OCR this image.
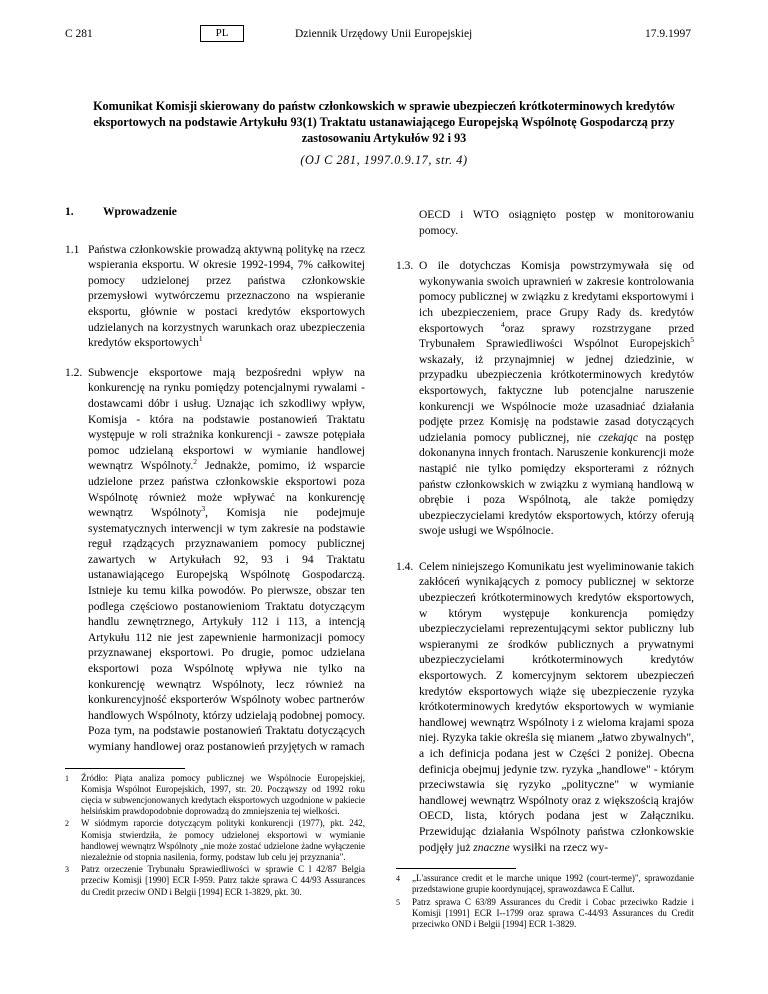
C 281	PL	Dziennik Urzędowy Unii Europejskiej	17.9.1997
Komunikat Komisji skierowany do państw członkowskich w sprawie ubezpieczeń krótkoterminowych kredytów eksportowych na podstawie Artykułu 93(1) Traktatu ustanawiającego Europejską Wspólnotę Gospodarczą przy zastosowaniu Artykułów 92 i 93
(OJ C 281, 1997.0.9.17, str. 4)
1.	Wprowadzenie
1.1 Państwa członkowskie prowadzą aktywną politykę na rzecz wspierania eksportu. W okresie 1992-1994, 7% całkowitej pomocy udzielonej przez państwa członkowskie przemysłowi wytwórczemu przeznaczono na wspieranie eksportu, głównie w postaci kredytów eksportowych udzielanych na korzystnych warunkach oraz ubezpieczenia kredytów eksportowych$^1$
1.2. Subwencje eksportowe mają bezpośredni wpływ na konkurencję na rynku pomiędzy potencjalnymi rywalami - dostawcami dóbr i usług. Uznając ich szkodliwy wpływ, Komisja - która na podstawie postanowień Traktatu występuje w roli strażnika konkurencji - zawsze potępiała pomoc udzielaną eksportowi w wymianie handlowej wewnątrz Wspólnoty.$^2$ Jednakże, pomimo, iż wsparcie udzielone przez państwa członkowskie eksportowi poza Wspólnotę również może wpływać na konkurencję wewnątrz Wspólnoty$^3$, Komisja nie podejmuje systematycznych interwencji w tym zakresie na podstawie reguł rządzących przyznawaniem pomocy publicznej zawartych w Artykułach 92, 93 i 94 Traktatu ustanawiającego Europejską Wspólnotę Gospodarczą. Istnieje ku temu kilka powodów. Po pierwsze, obszar ten podlega częściowo postanowieniom Traktatu dotyczącym handlu zewnętrznego, Artykuły 112 i 113, a intencją Artykułu 112 nie jest zapewnienie harmonizacji pomocy przyznawanej eksportowi. Po drugie, pomoc udzielana eksportowi poza Wspólnotę wpływa nie tylko na konkurencję wewnątrz Wspólnoty, lecz również na konkurencyjność eksporterów Wspólnoty wobec partnerów handlowych Wspólnoty, którzy udzielają podobnej pomocy. Poza tym, na podstawie postanowień Traktatu dotyczących wymiany handlowej oraz postanowień przyjętych w ramach
1	Źródło: Piąta analiza pomocy publicznej we Wspólnocie Europejskiej, Komisja Wspólnot Europejskich, 1997, str. 20. Począwszy od 1992 roku cięcia w subwencjonowanych kredytach eksportowych uzgodnione w pakiecie helsińskim prawdopodobnie doprowadzą do zmniejszenia tej wielkości.
2	W siódmym raporcie dotyczącym polityki konkurencji (1977), pkt. 242, Komisja stwierdziła, że pomocy udzielonej eksportowi w wymianie handlowej wewnątrz Wspólnoty „nie może zostać udzielone żadne wyłączenie niezależnie od stopnia nasilenia, formy, podstaw lub celu jej przyznania".
3	Patrz orzeczenie Trybunału Sprawiedliwości w sprawie C l 42/87 Belgia przeciw Komisji [1990] ECR I-959. Patrz także sprawa C 44/93 Assurances du Credit przeciw OND i Belgii [1994] ECR 1-3829, pkt. 30.
OECD i WTO osiągnięto postęp w monitorowaniu pomocy.
1.3. O ile dotychczas Komisja powstrzymywała się od wykonywania swoich uprawnień w zakresie kontrolowania pomocy publicznej w związku z kredytami eksportowymi i ich ubezpieczeniem, prace Grupy Rady ds. kredytów eksportowych $^4$oraz sprawy rozstrzygane przed Trybunałem Sprawiedliwości Wspólnot Europejskich$^5$ wskazały, iż przynajmniej w jednej dziedzinie, w przypadku ubezpieczenia krótkoterminowych kredytów eksportowych, faktyczne lub potencjalne naruszenie konkurencji we Wspólnocie może uzasadniać działania podjęte przez Komisję na podstawie zasad dotyczących udzielania pomocy publicznej, nie czekając na postęp dokonanyna innych frontach. Naruszenie konkurencji może nastąpić nie tylko pomiędzy eksporterami z różnych państw członkowskich w związku z wymianą handlową w obrębie i poza Wspólnotą, ale także pomiędzy ubezpieczycielami kredytów eksportowych, którzy oferują swoje usługi we Wspólnocie.
1.4. Celem niniejszego Komunikatu jest wyeliminowanie takich zakłóceń wynikających z pomocy publicznej w sektorze ubezpieczeń krótkoterminowych kredytów eksportowych, w którym występuje konkurencja pomiędzy ubezpieczycielami reprezentującymi sektor publiczny lub wspieranymi ze środków publicznych a prywatnymi ubezpieczycielami krótkoterminowych kredytów eksportowych. Z komercyjnym sektorem ubezpieczeń kredytów eksportowych wiąże się ubezpieczenie ryzyka krótkoterminowych kredytów eksportowych w wymianie handlowej wewnątrz Wspólnoty i z wieloma krajami spoza niej. Ryzyka takie określa się mianem „łatwo zbywalnych", a ich definicja podana jest w Części 2 poniżej. Obecna definicja obejmuj jedynie tzw. ryzyka „handlowe" - którym przeciwstawia się ryzyko „polityczne" w wymianie handlowej wewnątrz Wspólnoty oraz z większością krajów OECD, lista, których podana jest w Załączniku. Przewidując działania Wspólnoty państwa członkowskie podjęły już znaczne wysiłki na rzecz wy-
4	„L'assurance credit et le marche unique 1992 (court-terme)", sprawozdanie przedstawione grupie koordynującej, sprawozdawca E Callut.
5	Patrz sprawa C 63/89 Assurances du Credit i Cobac przeciwko Radzie i Komisji [1991] ECR I--1799 oraz sprawa C-44/93 Assurances du Credit przeciwko OND i Belgii [1994] ECR 1-3829.
